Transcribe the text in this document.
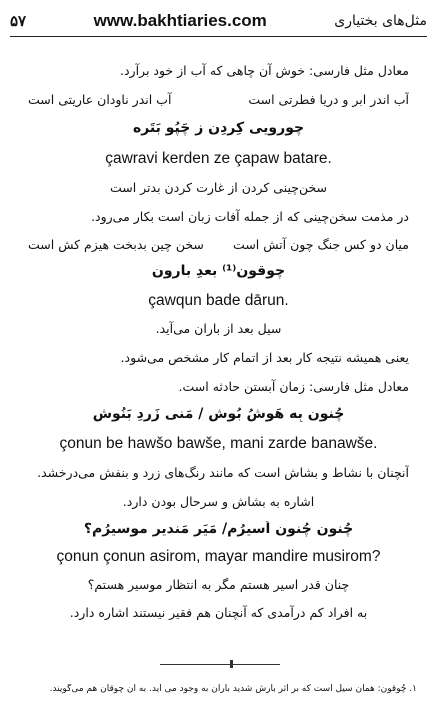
۵۷	www.bakhtiaries.com	مثل‌های بختیاری
معادل مثل فارسی: خوش آن چاهی که آب از خود برآرد.
آب اندر ابر و دریا فطرتی است
آب اندر ناودان عاریتی است
چوروِیی کِردِن زِ چَپُو بَتَرِه
çawravi kerden ze çapaw batare.
سخن‌چینی کردن از غارت کردن بدتر است
در مذمت سخن‌چینی که از جمله آفات زبان است بکار می‌رود.
میان دو کس جنگ چون آتش است
سخن چین بدبخت هیزم کش است
چوقون⁽¹⁾ بعدِ بارون
çawqun bade dārun.
سیل بعد از باران می‌آید.
یعنی همیشه نتیجه کار بعد از اتمام کار مشخص می‌شود.
معادل مثل فارسی: زمان آبستن حادثه است.
چُنون بِه هَوشُ بُوشِ / مَنی زَردِ بَنُوشِ
çonun be hawšo bawše, mani zarde banawše.
آنچنان با نشاط و بشاش است که مانند رنگ‌های زرد و بنفش می‌درخشد.
اشاره به بشاش و سرحال بودن دارد.
چُنون چُنون اَسیرُم/ مَیَر مَندیرِ موسیرُم؟
çonun çonun asirom, mayar mandire musirom?
چنان قدر اسیر هستم مگر به انتظار موسیر هستم؟
به افراد کم درآمدی که آنچنان هم فقیر نیستند اشاره دارد.
۱. چُوقون: همان سیل است که بر اثر بارش شدید باران به وجود می آید. به آن چوقان هم می‌گویند.
